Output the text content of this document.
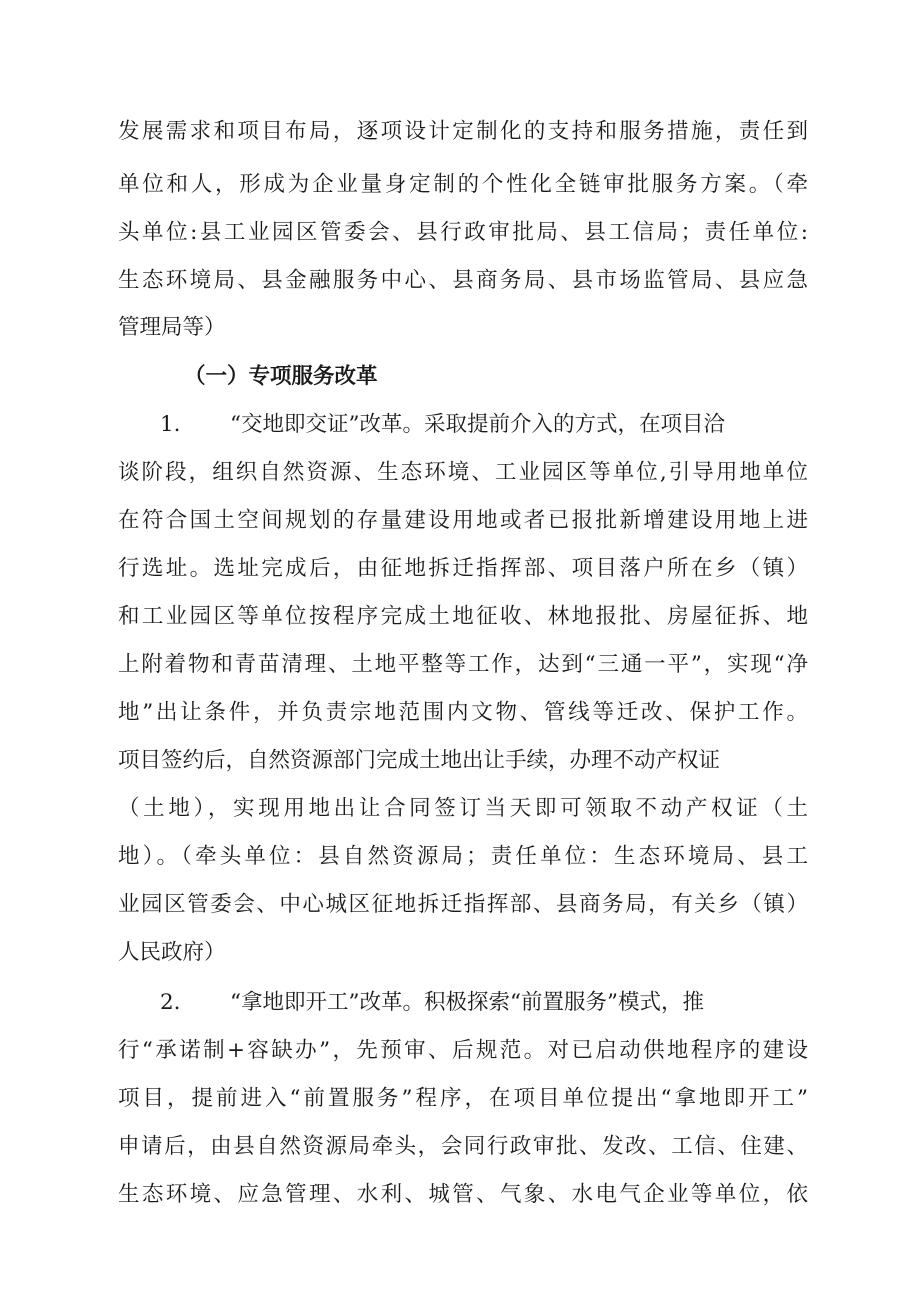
发展需求和项目布局，逐项设计定制化的支持和服务措施，责任到
单位和人，形成为企业量身定制的个性化全链审批服务方案。（牵
头单位:县工业园区管委会、县行政审批局、县工信局；责任单位:
生态环境局、县金融服务中心、县商务局、县市场监管局、县应急
管理局等）
（一）专项服务改革
1. “交地即交证”改革。采取提前介入的方式，在项目洽
谈阶段，组织自然资源、生态环境、工业园区等单位,引导用地单位
在符合国土空间规划的存量建设用地或者已报批新增建设用地上进
行选址。选址完成后，由征地拆迁指挥部、项目落户所在乡（镇）
和工业园区等单位按程序完成土地征收、林地报批、房屋征拆、地
上附着物和青苗清理、土地平整等工作，达到“三通一平”，实现“净
地”出让条件，并负责宗地范围内文物、管线等迁改、保护工作。
项目签约后，自然资源部门完成土地出让手续，办理不动产权证
（土地），实现用地出让合同签订当天即可领取不动产权证（土
地）。（牵头单位：县自然资源局；责任单位：生态环境局、县工
业园区管委会、中心城区征地拆迁指挥部、县商务局，有关乡（镇）
人民政府）
2. “拿地即开工”改革。积极探索“前置服务”模式，推
行“承诺制+容缺办”，先预审、后规范。对已启动供地程序的建设
项目，提前进入“前置服务”程序，在项目单位提出“拿地即开工”
申请后，由县自然资源局牵头，会同行政审批、发改、工信、住建、
生态环境、应急管理、水利、城管、气象、水电气企业等单位，依
